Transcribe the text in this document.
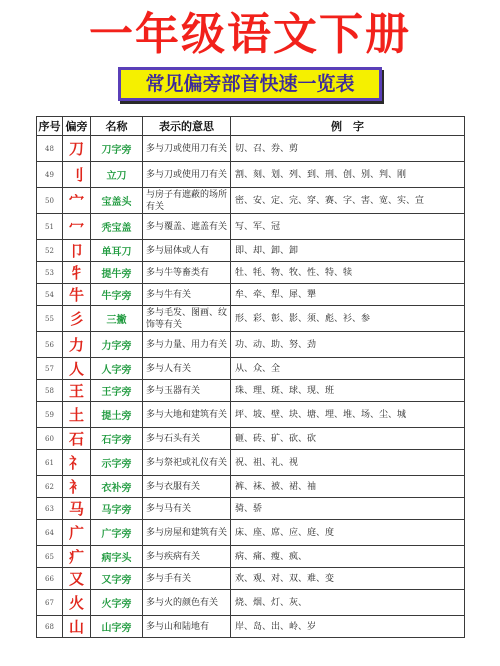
一年级语文下册
常见偏旁部首快速一览表
序号	偏旁	名称	表示的意思	例　字
48	刀	刀字旁	多与刀或使用刀有关	切、召、券、剪
49	刂	立刀	多与刀或使用刀有关	割、刻、划、列、到、刑、创、别、判、刚
50	宀	宝盖头	与房子有遮蔽的场所有关	密、安、定、完、穿、赛、字、害、宽、实、宣
51	冖	秃宝盖	多与覆盖、遮盖有关	写、军、冠
52	卩	单耳刀	多与屈体或人有	即、却、卸、卸
53	牜	提牛旁	多与牛等畜类有	牡、牦、物、牧、性、特、犊
54	牛	牛字旁	多与牛有关	牟、牵、犁、犀、犟
55	彡	三撇	多与毛发、图画、纹饰等有关	形、彩、彰、影、须、彪、衫、参
56	力	力字旁	多与力量、用力有关	功、动、助、努、劲
57	人	人字旁	多与人有关	从、众、全
58	王	王字旁	多与玉器有关	珠、理、斑、球、现、班
59	土	提土旁	多与大地和建筑有关	坪、坡、壁、块、塘、埋、堆、场、尘、城
60	石	石字旁	多与石头有关	砸、砖、矿、砍、砍
61	礻	示字旁	多与祭祀或礼仪有关	祝、祖、礼、视
62	衤	衣补旁	多与衣服有关	裤、袜、被、裙、袖
63	马	马字旁	多与马有关	骑、骄
64	广	广字旁	多与房屋和建筑有关	床、座、席、应、庭、度
65	疒	病字头	多与疾病有关	病、痛、瘦、疯、
66	又	又字旁	多与手有关	欢、观、对、双、难、变
67	火	火字旁	多与火的颜色有关	烧、烟、灯、灰、
68	山	山字旁	多与山和陆地有	岸、岛、出、岭、岁
